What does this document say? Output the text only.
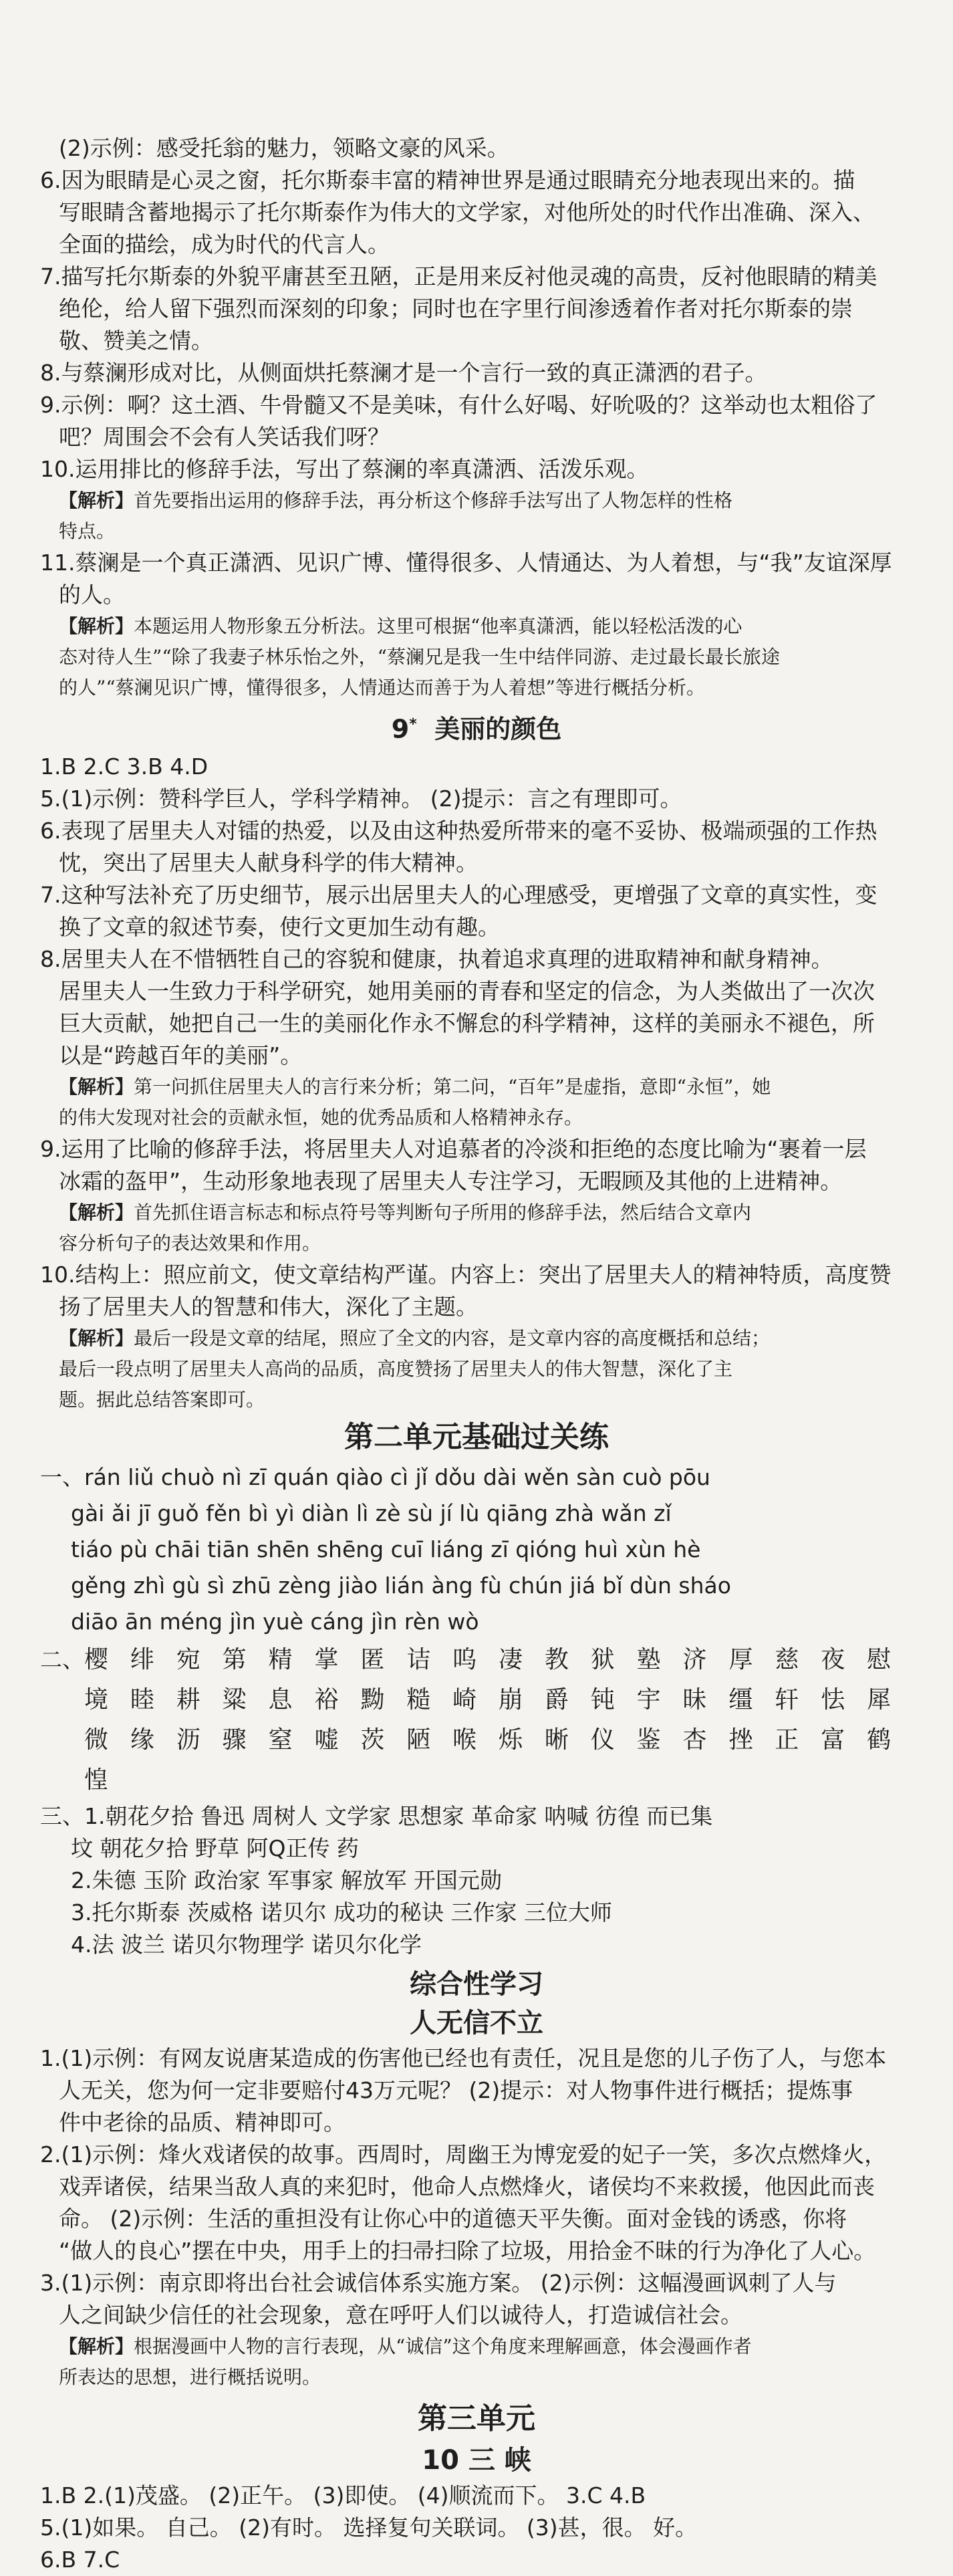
(2)示例：感受托翁的魅力，领略文豪的风采。
6.因为眼睛是心灵之窗，托尔斯泰丰富的精神世界是通过眼睛充分地表现出来的。描
写眼睛含蓄地揭示了托尔斯泰作为伟大的文学家，对他所处的时代作出准确、深入、
全面的描绘，成为时代的代言人。
7.描写托尔斯泰的外貌平庸甚至丑陋，正是用来反衬他灵魂的高贵，反衬他眼睛的精美
绝伦，给人留下强烈而深刻的印象；同时也在字里行间渗透着作者对托尔斯泰的崇
敬、赞美之情。
8.与蔡澜形成对比，从侧面烘托蔡澜才是一个言行一致的真正潇洒的君子。
9.示例：啊？这土酒、牛骨髓又不是美味，有什么好喝、好吮吸的？这举动也太粗俗了
吧？周围会不会有人笑话我们呀？
10.运用排比的修辞手法，写出了蔡澜的率真潇洒、活泼乐观。
【解析】首先要指出运用的修辞手法，再分析这个修辞手法写出了人物怎样的性格
特点。
11.蔡澜是一个真正潇洒、见识广博、懂得很多、人情通达、为人着想，与“我”友谊深厚
的人。
【解析】本题运用人物形象五分析法。这里可根据“他率真潇洒，能以轻松活泼的心
态对待人生”“除了我妻子林乐怡之外，“蔡澜兄是我一生中结伴同游、走过最长最长旅途
的人”“蔡澜见识广博，懂得很多，人情通达而善于为人着想”等进行概括分析。
9* 美丽的颜色
1.B 2.C 3.B 4.D
5.(1)示例：赞科学巨人，学科学精神。 (2)提示：言之有理即可。
6.表现了居里夫人对镭的热爱，以及由这种热爱所带来的毫不妥协、极端顽强的工作热
忱，突出了居里夫人献身科学的伟大精神。
7.这种写法补充了历史细节，展示出居里夫人的心理感受，更增强了文章的真实性，变
换了文章的叙述节奏，使行文更加生动有趣。
8.居里夫人在不惜牺牲自己的容貌和健康，执着追求真理的进取精神和献身精神。
居里夫人一生致力于科学研究，她用美丽的青春和坚定的信念，为人类做出了一次次
巨大贡献，她把自己一生的美丽化作永不懈怠的科学精神，这样的美丽永不褪色，所
以是“跨越百年的美丽”。
【解析】第一问抓住居里夫人的言行来分析；第二问，“百年”是虚指，意即“永恒”，她
的伟大发现对社会的贡献永恒，她的优秀品质和人格精神永存。
9.运用了比喻的修辞手法，将居里夫人对追慕者的冷淡和拒绝的态度比喻为“裹着一层
冰霜的盔甲”，生动形象地表现了居里夫人专注学习，无暇顾及其他的上进精神。
【解析】首先抓住语言标志和标点符号等判断句子所用的修辞手法，然后结合文章内
容分析句子的表达效果和作用。
10.结构上：照应前文，使文章结构严谨。内容上：突出了居里夫人的精神特质，高度赞
扬了居里夫人的智慧和伟大，深化了主题。
【解析】最后一段是文章的结尾，照应了全文的内容，是文章内容的高度概括和总结；
最后一段点明了居里夫人高尚的品质，高度赞扬了居里夫人的伟大智慧，深化了主
题。据此总结答案即可。
第二单元基础过关练
一、rán liǔ chuò nì zī quán qiào cì jǐ dǒu dài wěn sàn cuò pōu
gài ǎi jī guǒ fěn bì yì diàn lì zè sù jí lù qiāng zhà wǎn zǐ
tiáo pù chāi tiān shēn shēng cuī liáng zī qióng huì xùn hè
gěng zhì gù sì zhū zèng jiào lián àng fù chún jiá bǐ dùn sháo
diāo ān méng jìn yuè cáng jìn rèn wò
二、 樱 绯 宛 第 精 掌 匿 诘 呜 凄 教 狱 塾 济 厚 慈 夜 慰
境 睦 耕 粱 息 裕 黝 糙 崎 崩 爵 钝 宇 昧 缰 轩 怯 犀
微 缘 沥 骤 窒 嘘 茨 陋 喉 烁 晰 仪 鉴 杏 挫 正 富 鹤
惶
三、1.朝花夕拾 鲁迅 周树人 文学家 思想家 革命家 呐喊 彷徨 而已集
坟 朝花夕拾 野草 阿Q正传 药
2.朱德 玉阶 政治家 军事家 解放军 开国元勋
3.托尔斯泰 茨威格 诺贝尔 成功的秘诀 三作家 三位大师
4.法 波兰 诺贝尔物理学 诺贝尔化学
综合性学习
人无信不立
1.(1)示例：有网友说唐某造成的伤害他已经也有责任，况且是您的儿子伤了人，与您本
人无关，您为何一定非要赔付43万元呢？ (2)提示：对人物事件进行概括；提炼事
件中老徐的品质、精神即可。
2.(1)示例：烽火戏诸侯的故事。西周时，周幽王为博宠爱的妃子一笑，多次点燃烽火，
戏弄诸侯，结果当敌人真的来犯时，他命人点燃烽火，诸侯均不来救援，他因此而丧
命。 (2)示例：生活的重担没有让你心中的道德天平失衡。面对金钱的诱惑，你将
“做人的良心”摆在中央，用手上的扫帚扫除了垃圾，用拾金不昧的行为净化了人心。
3.(1)示例：南京即将出台社会诚信体系实施方案。 (2)示例：这幅漫画讽刺了人与
人之间缺少信任的社会现象，意在呼吁人们以诚待人，打造诚信社会。
【解析】根据漫画中人物的言行表现，从“诚信”这个角度来理解画意，体会漫画作者
所表达的思想，进行概括说明。
第三单元
10 三 峡
1.B 2.(1)茂盛。 (2)正午。 (3)即使。 (4)顺流而下。 3.C 4.B
5.(1)如果。 自己。 (2)有时。 选择复句关联词。 (3)甚，很。 好。
6.B 7.C
